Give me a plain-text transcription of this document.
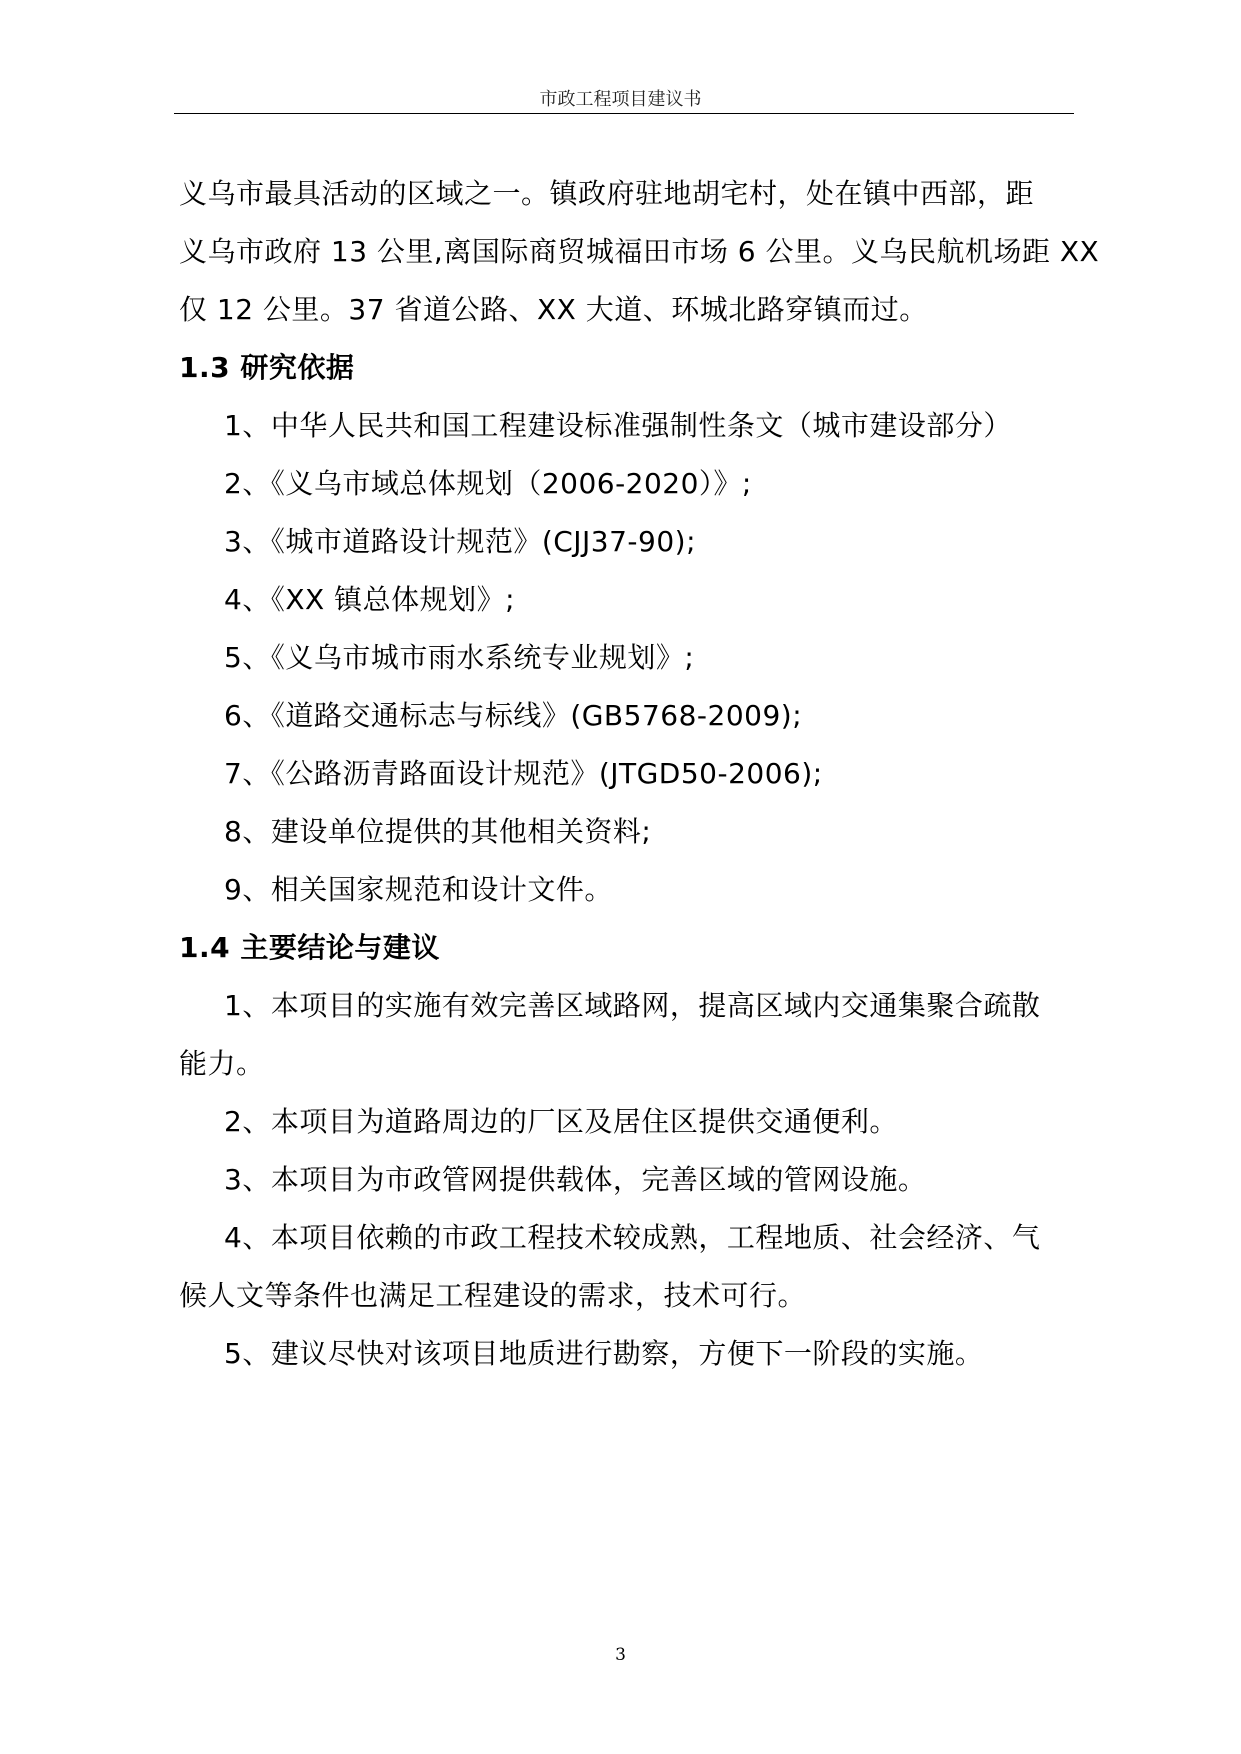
市政工程项目建议书
义乌市最具活动的区域之一。镇政府驻地胡宅村，处在镇中西部，距
义乌市政府 13 公里,离国际商贸城福田市场 6 公里。义乌民航机场距 XX
仅 12 公里。37 省道公路、XX 大道、环城北路穿镇而过。
1.3 研究依据
1、中华人民共和国工程建设标准强制性条文（城市建设部分）
2、《义乌市域总体规划（2006-2020）》;
3、《城市道路设计规范》(CJJ37-90);
4、《XX 镇总体规划》;
5、《义乌市城市雨水系统专业规划》;
6、《道路交通标志与标线》(GB5768-2009);
7、《公路沥青路面设计规范》(JTGD50-2006);
8、建设单位提供的其他相关资料;
9、相关国家规范和设计文件。
1.4 主要结论与建议
1、本项目的实施有效完善区域路网，提高区域内交通集聚合疏散
能力。
2、本项目为道路周边的厂区及居住区提供交通便利。
3、本项目为市政管网提供载体，完善区域的管网设施。
4、本项目依赖的市政工程技术较成熟，工程地质、社会经济、气
候人文等条件也满足工程建设的需求，技术可行。
5、建议尽快对该项目地质进行勘察，方便下一阶段的实施。
3
